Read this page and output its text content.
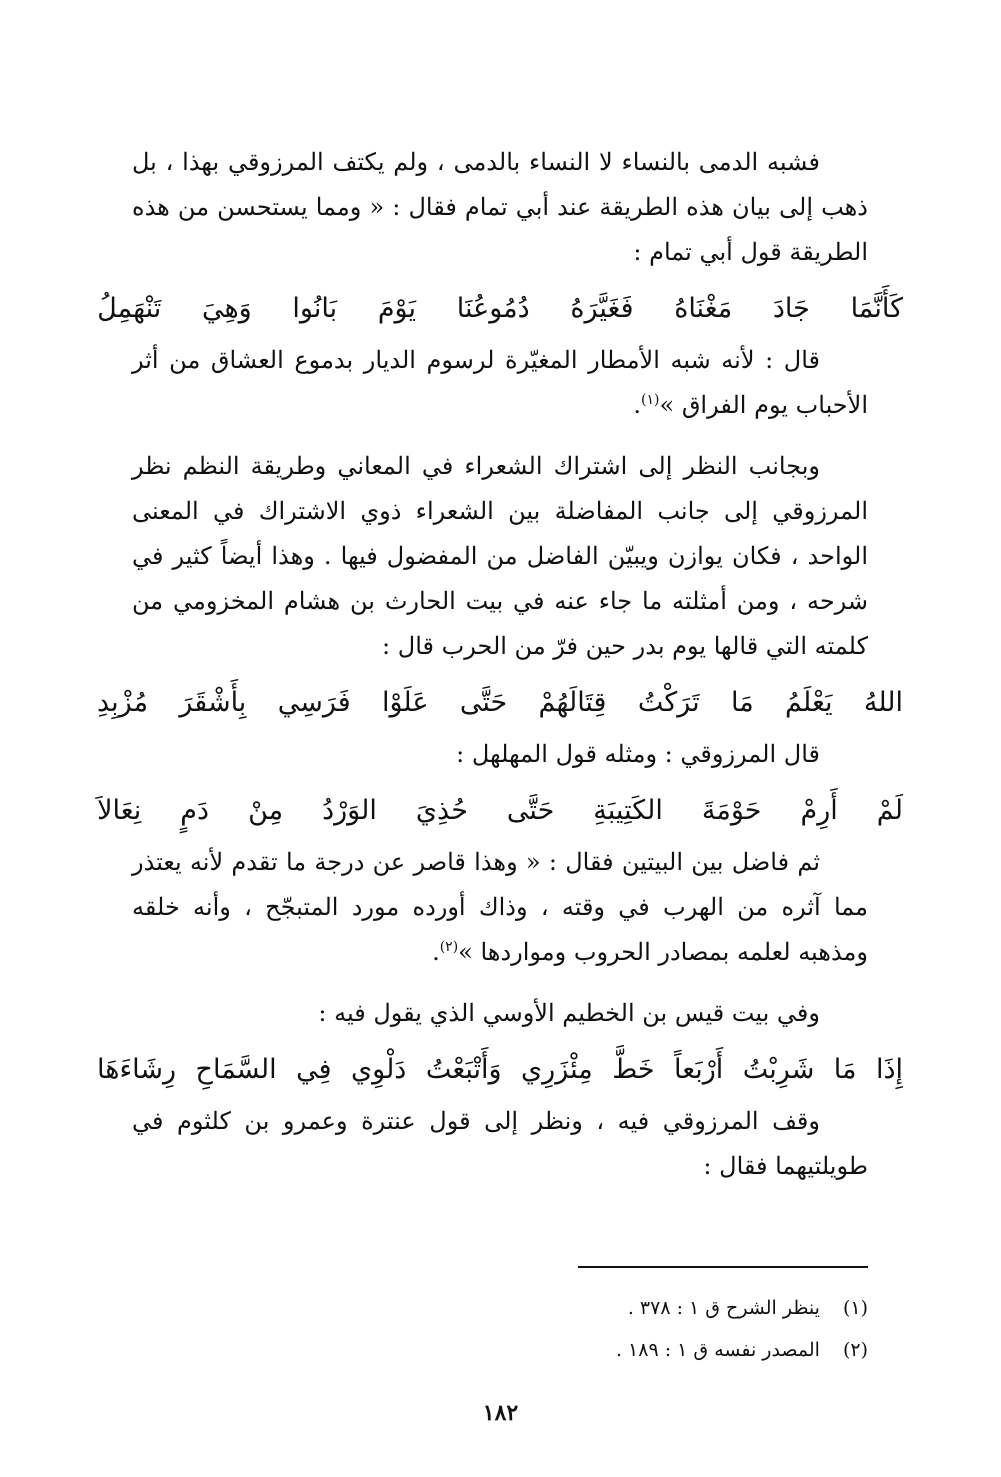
فشبه الدمى بالنساء لا النساء بالدمى ، ولم يكتف المرزوقي بهذا ، بل ذهب إلى بيان هذه الطريقة عند أبي تمام فقال : « ومما يستحسن من هذه الطريقة قول أبي تمام :

كَأَنَّمَا
جَادَ
مَغْنَاهُ
فَغَيَّرَهُ
دُمُوعُنَا
يَوْمَ
بَانُوا
وَهِيَ
تَنْهَمِلُ

قال : لأنه شبه الأمطار المغيّرة لرسوم الديار بدموع العشاق من أثر الأحباب يوم الفراق »$^{(١)}$.

وبجانب النظر إلى اشتراك الشعراء في المعاني وطريقة النظم نظر المرزوقي إلى جانب المفاضلة بين الشعراء ذوي الاشتراك في المعنى الواحد ، فكان يوازن ويبيّن الفاضل من المفضول فيها . وهذا أيضاً كثير في شرحه ، ومن أمثلته ما جاء عنه في بيت الحارث بن هشام المخزومي من كلمته التي قالها يوم بدر حين فرّ من الحرب قال :

اللهُ
يَعْلَمُ
مَا
تَرَكْتُ
قِتَالَهُمْ
حَتَّى
عَلَوْا
فَرَسِي
بِأَشْقَرَ
مُزْبِدِ

قال المرزوقي : ومثله قول المهلهل :

لَمْ
أَرِمْ
حَوْمَةَ
الكَتِيبَةِ
حَتَّى
حُذِيَ
الوَرْدُ
مِنْ
دَمٍ
نِعَالاَ

ثم فاضل بين البيتين فقال : « وهذا قاصر عن درجة ما تقدم لأنه يعتذر مما آثره من الهرب في وقته ، وذاك أورده مورد المتبجّح ، وأنه خلقه ومذهبه لعلمه بمصادر الحروب ومواردها »$^{(٢)}$.

وفي بيت قيس بن الخطيم الأوسي الذي يقول فيه :

إِذَا
مَا
شَرِبْتُ
أَرْبَعاً
خَطَّ
مِئْزَرِي
وَأَتْبَعْتُ
دَلْوِي
فِي
السَّمَاحِ
رِشَاءَهَا

وقف المرزوقي فيه ، ونظر إلى قول عنترة وعمرو بن كلثوم في طويلتيهما فقال :

(١) ينظر الشرح ق ١ : ٣٧٨ .
(٢) المصدر نفسه ق ١ : ١٨٩ .
١٨٢
